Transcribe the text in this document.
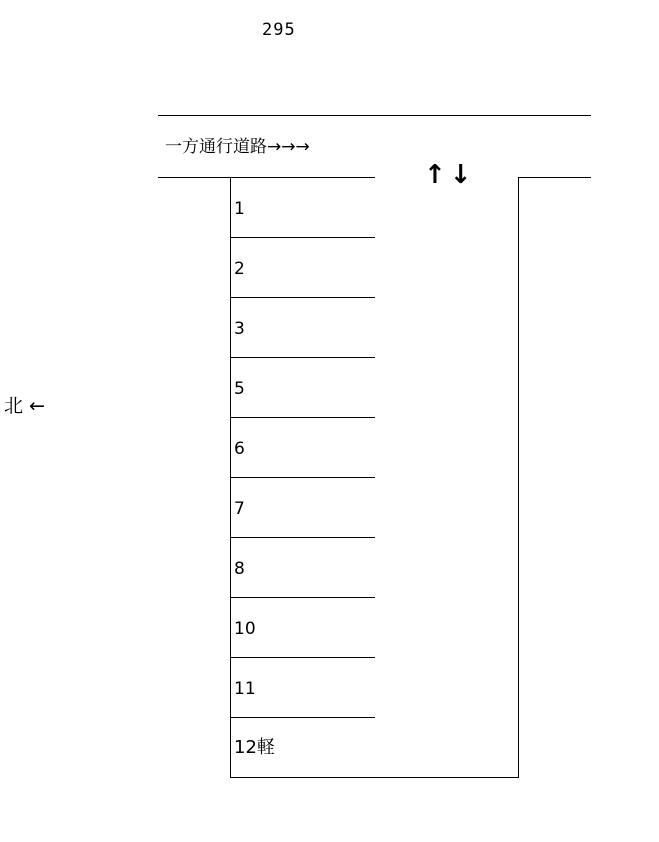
295
一方通行道路→→→
↑↓
1
2
3
5
6
7
8
10
11
12軽
北 ←
